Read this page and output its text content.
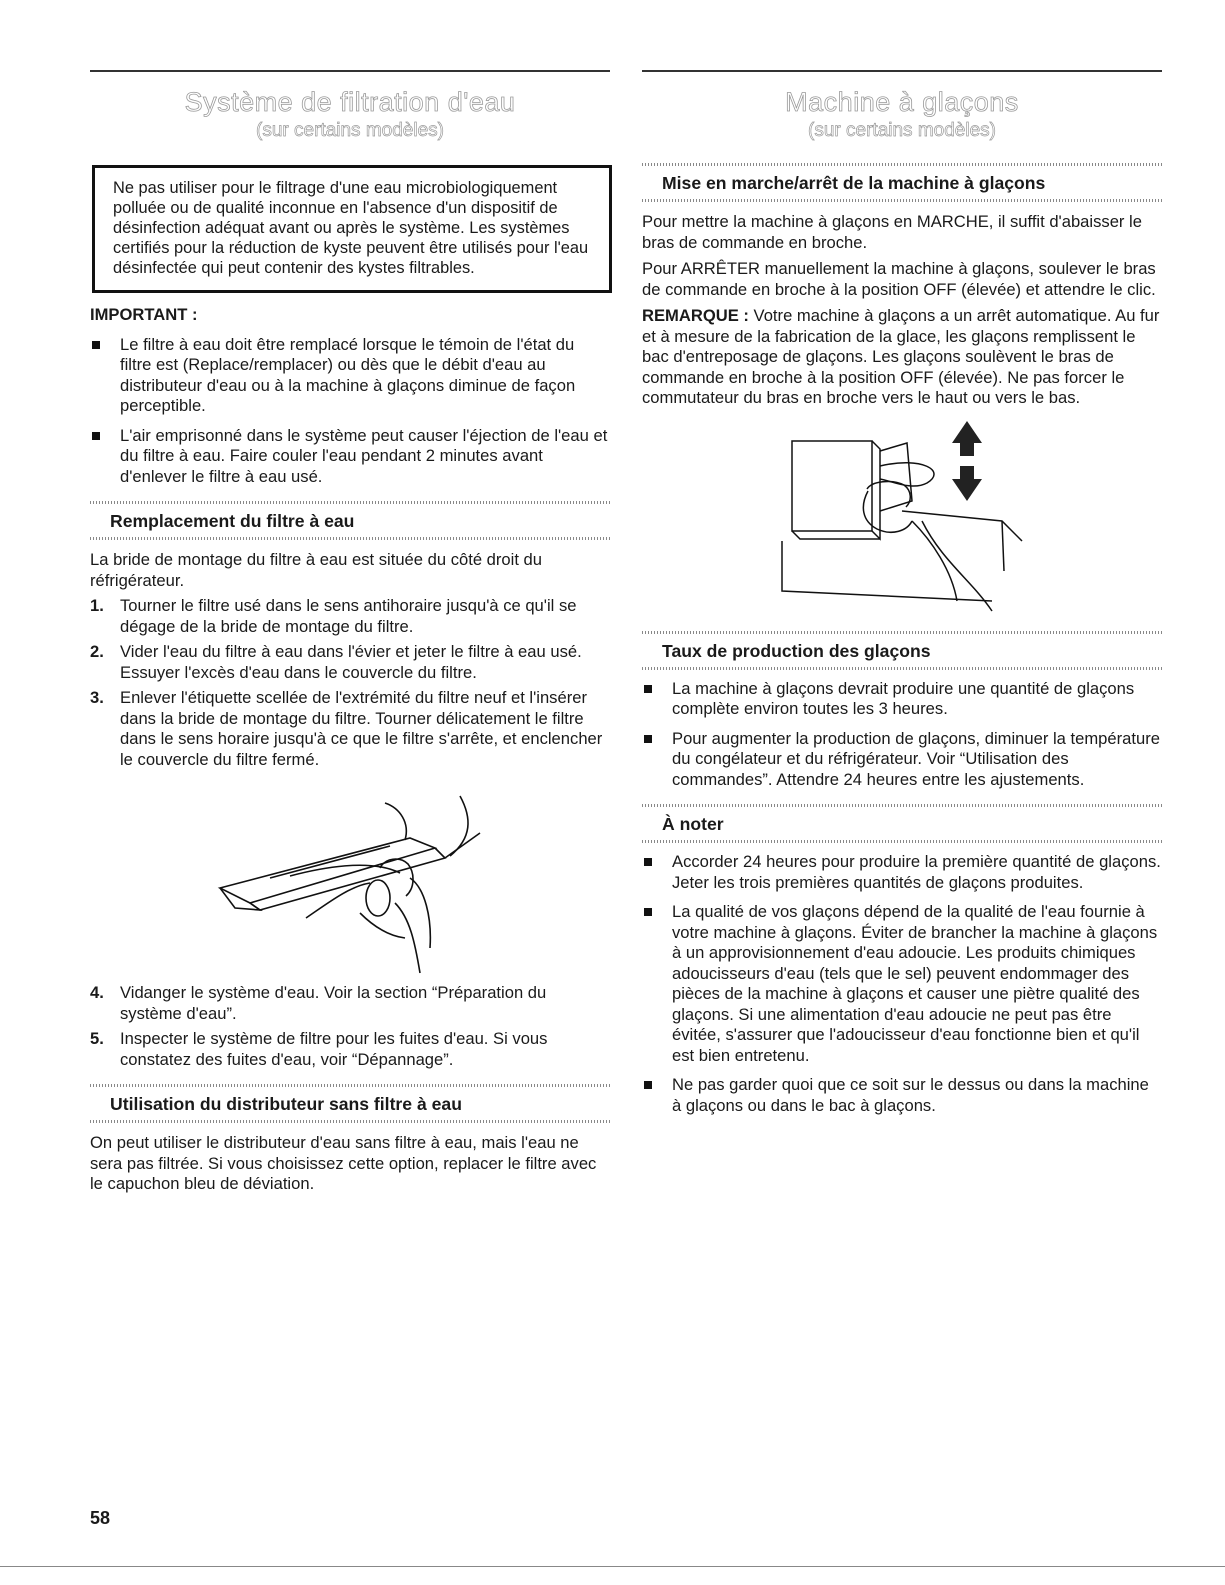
Système de filtration d'eau
(sur certains modèles)
Ne pas utiliser pour le filtrage d'une eau microbiologiquement polluée ou de qualité inconnue en l'absence d'un dispositif de désinfection adéquat avant ou après le système. Les systèmes certifiés pour la réduction de kyste peuvent être utilisés pour l'eau désinfectée qui peut contenir des kystes filtrables.

IMPORTANT :

Le filtre à eau doit être remplacé lorsque le témoin de l'état du filtre est (Replace/remplacer) ou dès que le débit d'eau au distributeur d'eau ou à la machine à glaçons diminue de façon perceptible.
L'air emprisonné dans le système peut causer l'éjection de l'eau et du filtre à eau. Faire couler l'eau pendant 2 minutes avant d'enlever le filtre à eau usé.
Remplacement du filtre à eau

La bride de montage du filtre à eau est située du côté droit du réfrigérateur.

1. Tourner le filtre usé dans le sens antihoraire jusqu'à ce qu'il se dégage de la bride de montage du filtre.
2. Vider l'eau du filtre à eau dans l'évier et jeter le filtre à eau usé. Essuyer l'excès d'eau dans le couvercle du filtre.
3. Enlever l'étiquette scellée de l'extrémité du filtre neuf et l'insérer dans la bride de montage du filtre. Tourner délicatement le filtre dans le sens horaire jusqu'à ce que le filtre s'arrête, et enclencher le couvercle du filtre fermé.
4. Vidanger le système d'eau. Voir la section “Préparation du système d'eau”.
5. Inspecter le système de filtre pour les fuites d'eau. Si vous constatez des fuites d'eau, voir “Dépannage”.
Utilisation du distributeur sans filtre à eau

On peut utiliser le distributeur d'eau sans filtre à eau, mais l'eau ne sera pas filtrée. Si vous choisissez cette option, replacer le filtre avec le capuchon bleu de déviation.

Machine à glaçons
(sur certains modèles)
Mise en marche/arrêt de la machine à glaçons

Pour mettre la machine à glaçons en MARCHE, il suffit d'abaisser le bras de commande en broche.

Pour ARRÊTER manuellement la machine à glaçons, soulever le bras de commande en broche à la position OFF (élevée) et attendre le clic.

REMARQUE : Votre machine à glaçons a un arrêt automatique. Au fur et à mesure de la fabrication de la glace, les glaçons remplissent le bac d'entreposage de glaçons. Les glaçons soulèvent le bras de commande en broche à la position OFF (élevée). Ne pas forcer le commutateur du bras en broche vers le haut ou vers le bas.

Taux de production des glaçons
La machine à glaçons devrait produire une quantité de glaçons complète environ toutes les 3 heures.
Pour augmenter la production de glaçons, diminuer la température du congélateur et du réfrigérateur. Voir “Utilisation des commandes”. Attendre 24 heures entre les ajustements.
À noter
Accorder 24 heures pour produire la première quantité de glaçons. Jeter les trois premières quantités de glaçons produites.
La qualité de vos glaçons dépend de la qualité de l'eau fournie à votre machine à glaçons. Éviter de brancher la machine à glaçons à un approvisionnement d'eau adoucie. Les produits chimiques adoucisseurs d'eau (tels que le sel) peuvent endommager des pièces de la machine à glaçons et causer une piètre qualité des glaçons. Si une alimentation d'eau adoucie ne peut pas être évitée, s'assurer que l'adoucisseur d'eau fonctionne bien et qu'il est bien entretenu.
Ne pas garder quoi que ce soit sur le dessus ou dans la machine à glaçons ou dans le bac à glaçons.
58
